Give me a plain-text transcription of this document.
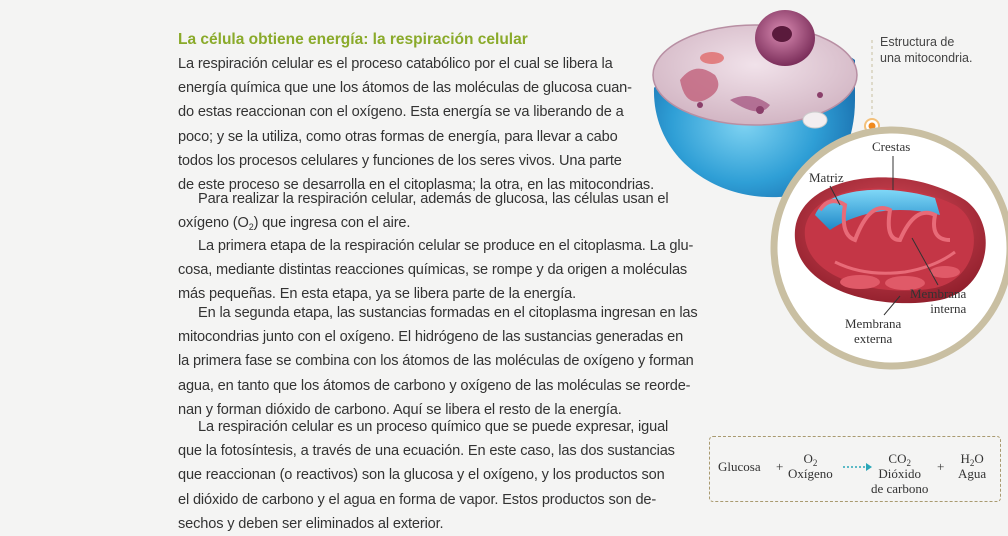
La célula obtiene energía: la respiración celular
La respiración celular es el proceso catabólico por el cual se libera la
energía química que une los átomos de las moléculas de glucosa cuan-
do estas reaccionan con el oxígeno. Esta energía se va liberando de a
poco; y se la utiliza, como otras formas de energía, para llevar a cabo
todos los procesos celulares y funciones de los seres vivos. Una parte
de este proceso se desarrolla en el citoplasma; la otra, en las mitocondrias.
Para realizar la respiración celular, además de glucosa, las células usan el
oxígeno $(O_2)$ que ingresa con el aire.
La primera etapa de la respiración celular se produce en el citoplasma. La glu-
cosa, mediante distintas reacciones químicas, se rompe y da origen a moléculas
más pequeñas. En esta etapa, ya se libera parte de la energía.
En la segunda etapa, las sustancias formadas en el citoplasma ingresan en las
mitocondrias junto con el oxígeno. El hidrógeno de las sustancias generadas en
la primera fase se combina con los átomos de las moléculas de oxígeno y forman
agua, en tanto que los átomos de carbono y oxígeno de las moléculas se reorde-
nan y forman dióxido de carbono. Aquí se libera el resto de la energía.
La respiración celular es un proceso químico que se puede expresar, igual
que la fotosíntesis, a través de una ecuación. En este caso, las dos sustancias
que reaccionan (o reactivos) son la glucosa y el oxígeno, y los productos son
el dióxido de carbono y el agua en forma de vapor. Estos productos son de-
sechos y deben ser eliminados al exterior.
Estructura de
una mitocondria.
Crestas
Matriz
Membrana
interna
Membrana
externa
Glucosa +
$O_2$
Oxígeno →
$CO_2$
Dióxido
de carbono
+
$H_2O$
Agua
